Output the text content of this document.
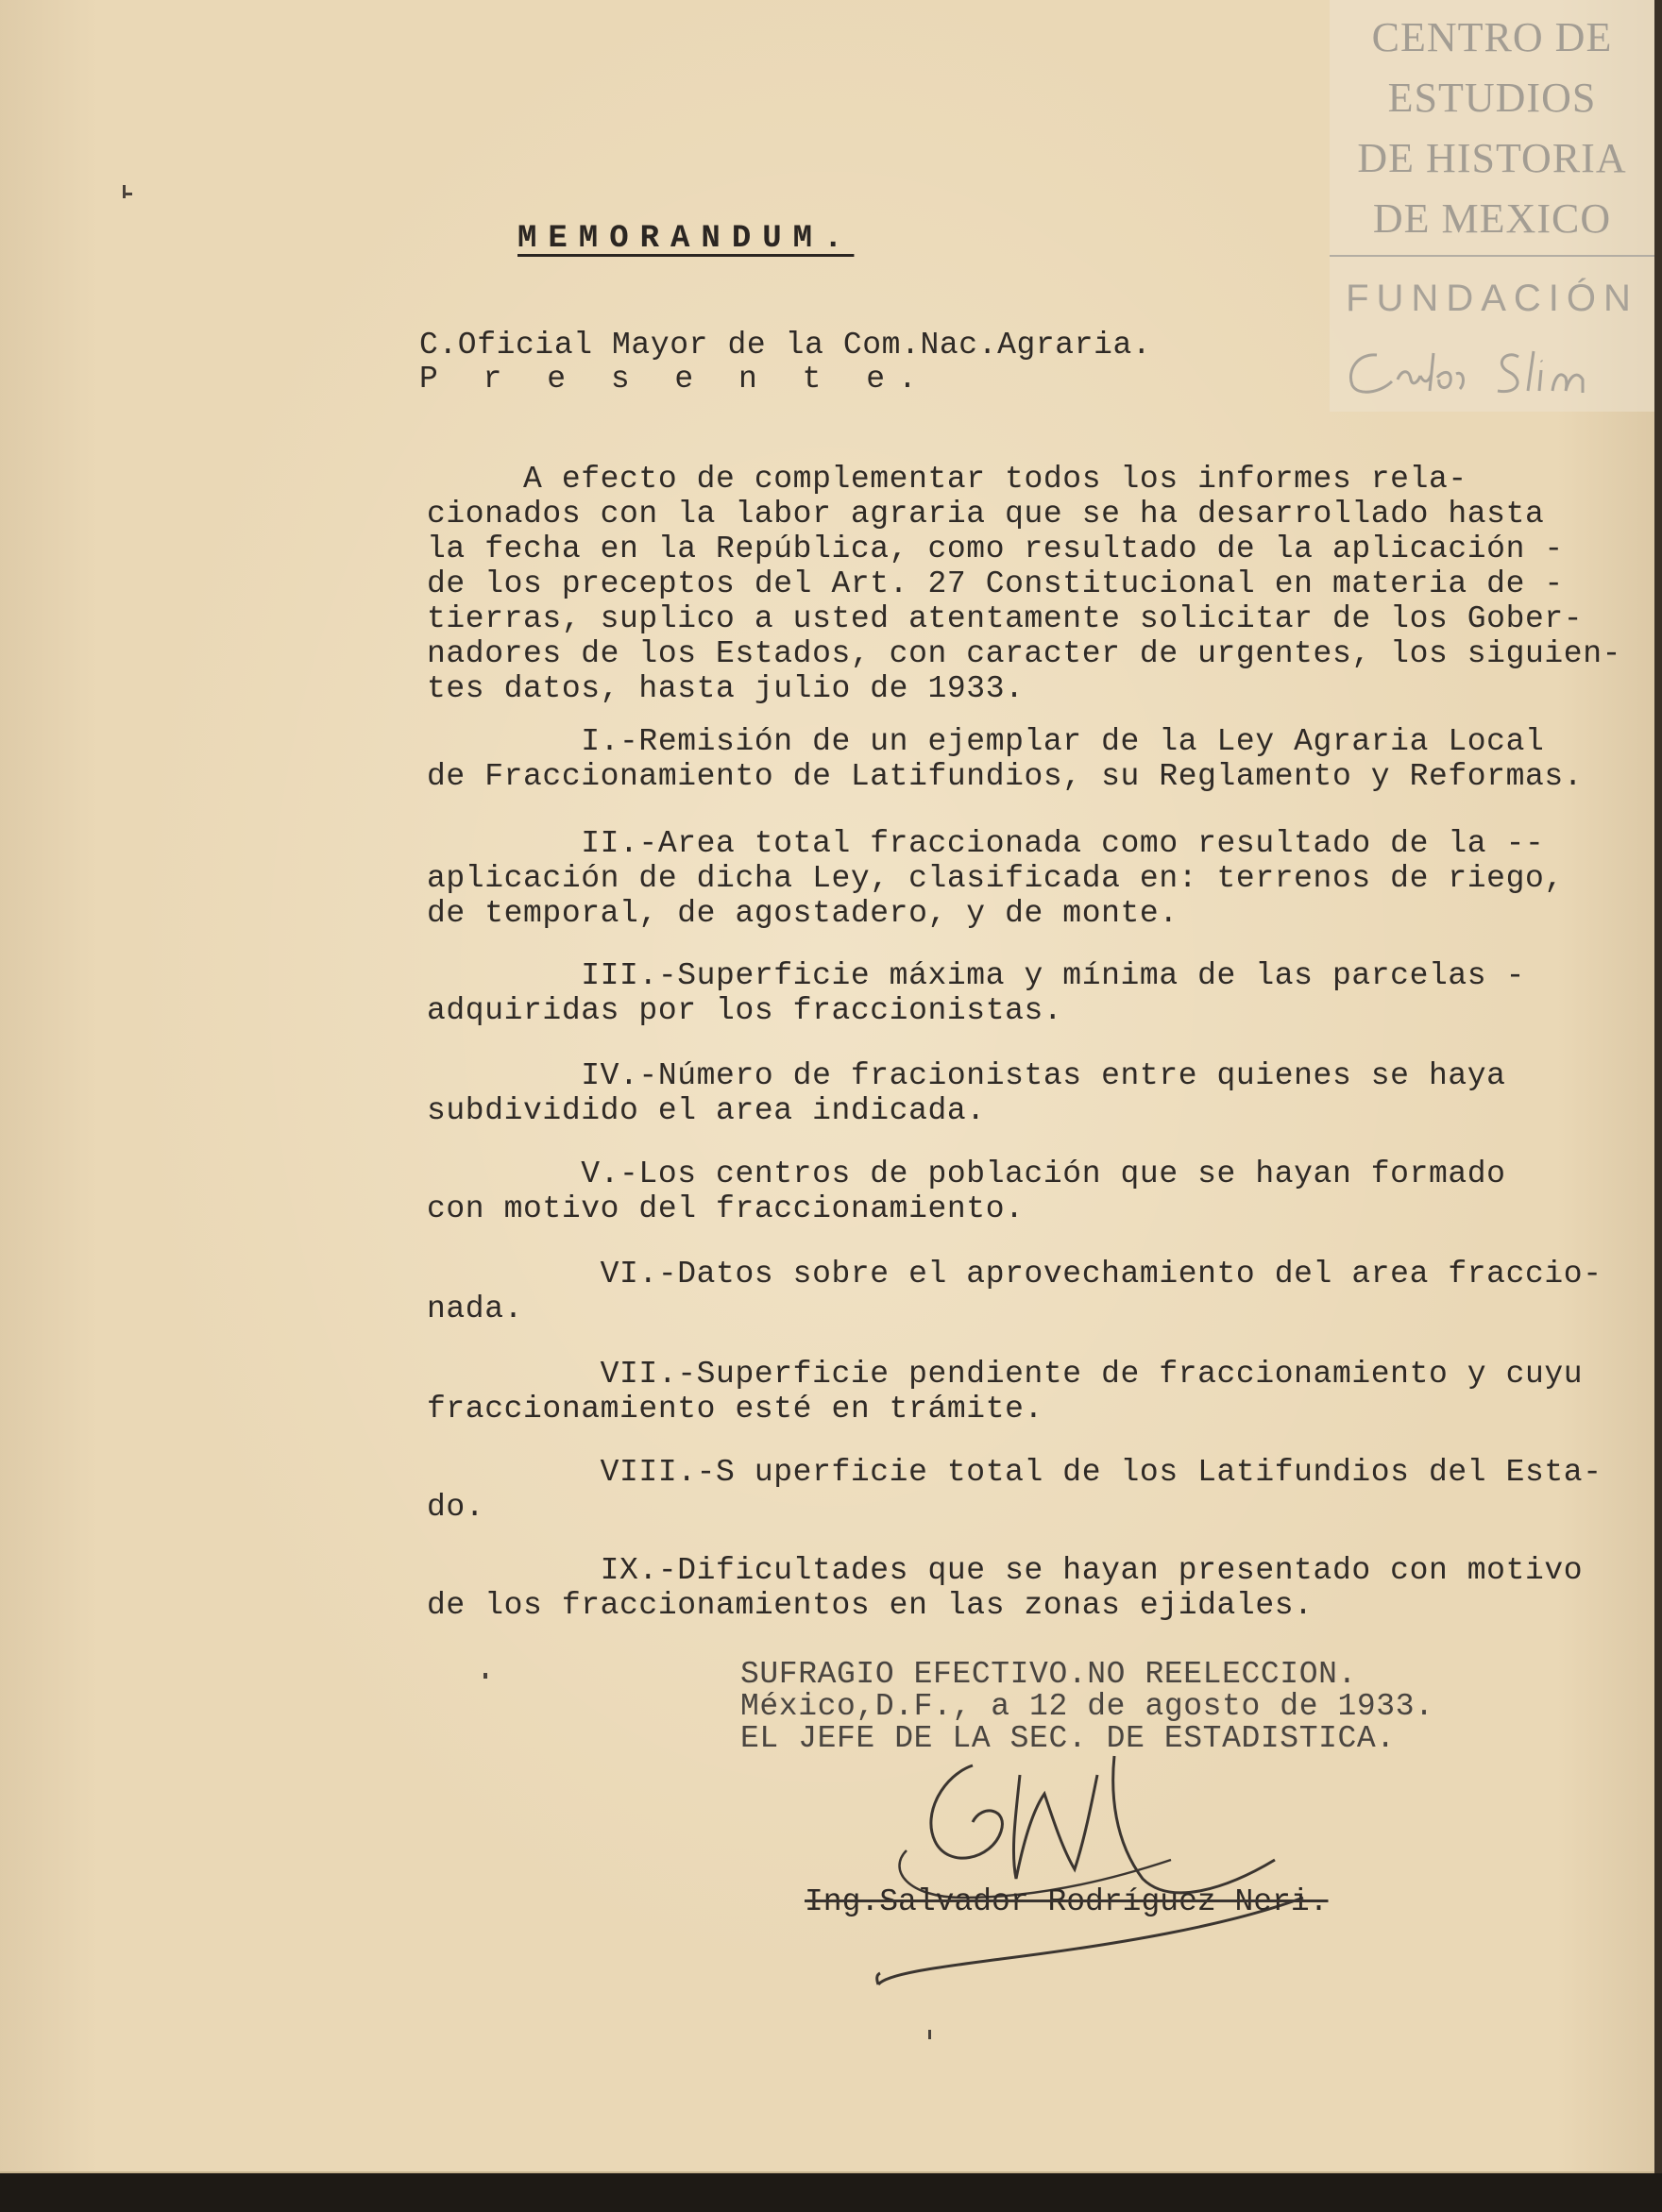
CENTRO DE
ESTUDIOS
DE HISTORIA
DE MEXICO
FUNDACIÓN
MEMORANDUM.
C.Oficial Mayor de la Com.Nac.Agraria.
P r e s e n t e.
A efecto de complementar todos los informes rela-
cionados con la labor agraria que se ha desarrollado hasta
la fecha en la República, como resultado de la aplicación -
de los preceptos del Art. 27 Constitucional en materia de -
tierras, suplico a usted atentamente solicitar de los Gober-
nadores de los Estados, con caracter de urgentes, los siguien-
tes datos, hasta julio de 1933.
I.-Remisión de un ejemplar de la Ley Agraria Local
de Fraccionamiento de Latifundios, su Reglamento y Reformas.
II.-Area total fraccionada como resultado de la --
aplicación de dicha Ley, clasificada en: terrenos de riego,
de temporal, de agostadero, y de monte.
III.-Superficie máxima y mínima de las parcelas -
adquiridas por los fraccionistas.
IV.-Número de fracionistas entre quienes se haya
subdividido el area indicada.
V.-Los centros de población que se hayan formado
con motivo del fraccionamiento.
VI.-Datos sobre el aprovechamiento del area fraccio-
nada.
VII.-Superficie pendiente de fraccionamiento y cuyu
fraccionamiento esté en trámite.
VIII.-S uperficie total de los Latifundios del Esta-
do.
IX.-Dificultades que se hayan presentado con motivo
de los fraccionamientos en las zonas ejidales.
SUFRAGIO EFECTIVO.NO REELECCION.
México,D.F., a 12 de agosto de 1933.
EL JEFE DE LA SEC. DE ESTADISTICA.
Ing.Salvador Rodríguez Neri.
